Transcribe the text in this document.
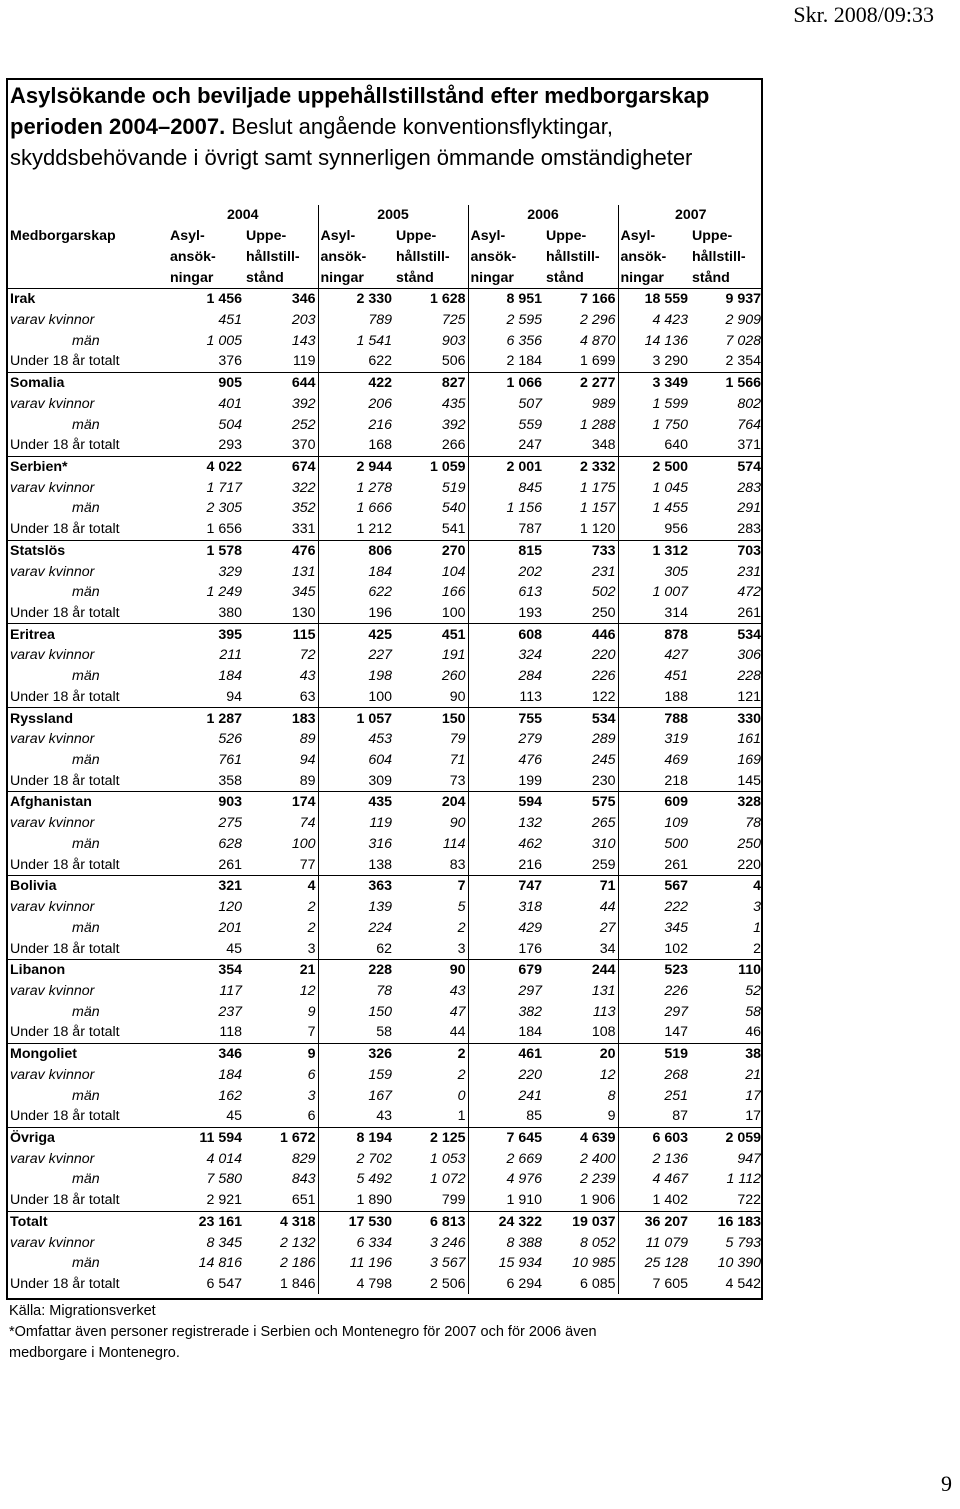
Skr. 2008/09:33
Asylsökande och beviljade uppehållstillstånd efter medborgarskap perioden 2004–2007. Beslut angående konventionsflyktingar, skyddsbehövande i övrigt samt synnerligen ömmande omständigheter
	2004		2005		2006		2007	
Medborgarskap	Asyl-	Uppe-	Asyl-	Uppe-	Asyl-	Uppe-	Asyl-	Uppe-
	ansök-	hållstill-	ansök-	hållstill-	ansök-	hållstill-	ansök-	hållstill-
	ningar	stånd	ningar	stånd	ningar	stånd	ningar	stånd
Irak	1 456	346	2 330	1 628	8 951	7 166	18 559	9 937
varav kvinnor	451	203	789	725	2 595	2 296	4 423	2 909
män	1 005	143	1 541	903	6 356	4 870	14 136	7 028
Under 18 år totalt	376	119	622	506	2 184	1 699	3 290	2 354
Somalia	905	644	422	827	1 066	2 277	3 349	1 566
varav kvinnor	401	392	206	435	507	989	1 599	802
män	504	252	216	392	559	1 288	1 750	764
Under 18 år totalt	293	370	168	266	247	348	640	371
Serbien*	4 022	674	2 944	1 059	2 001	2 332	2 500	574
varav kvinnor	1 717	322	1 278	519	845	1 175	1 045	283
män	2 305	352	1 666	540	1 156	1 157	1 455	291
Under 18 år totalt	1 656	331	1 212	541	787	1 120	956	283
Statslös	1 578	476	806	270	815	733	1 312	703
varav kvinnor	329	131	184	104	202	231	305	231
män	1 249	345	622	166	613	502	1 007	472
Under 18 år totalt	380	130	196	100	193	250	314	261
Eritrea	395	115	425	451	608	446	878	534
varav kvinnor	211	72	227	191	324	220	427	306
män	184	43	198	260	284	226	451	228
Under 18 år totalt	94	63	100	90	113	122	188	121
Ryssland	1 287	183	1 057	150	755	534	788	330
varav kvinnor	526	89	453	79	279	289	319	161
män	761	94	604	71	476	245	469	169
Under 18 år totalt	358	89	309	73	199	230	218	145
Afghanistan	903	174	435	204	594	575	609	328
varav kvinnor	275	74	119	90	132	265	109	78
män	628	100	316	114	462	310	500	250
Under 18 år totalt	261	77	138	83	216	259	261	220
Bolivia	321	4	363	7	747	71	567	4
varav kvinnor	120	2	139	5	318	44	222	3
män	201	2	224	2	429	27	345	1
Under 18 år totalt	45	3	62	3	176	34	102	2
Libanon	354	21	228	90	679	244	523	110
varav kvinnor	117	12	78	43	297	131	226	52
män	237	9	150	47	382	113	297	58
Under 18 år totalt	118	7	58	44	184	108	147	46
Mongoliet	346	9	326	2	461	20	519	38
varav kvinnor	184	6	159	2	220	12	268	21
män	162	3	167	0	241	8	251	17
Under 18 år totalt	45	6	43	1	85	9	87	17
Övriga	11 594	1 672	8 194	2 125	7 645	4 639	6 603	2 059
varav kvinnor	4 014	829	2 702	1 053	2 669	2 400	2 136	947
män	7 580	843	5 492	1 072	4 976	2 239	4 467	1 112
Under 18 år totalt	2 921	651	1 890	799	1 910	1 906	1 402	722
Totalt	23 161	4 318	17 530	6 813	24 322	19 037	36 207	16 183
varav kvinnor	8 345	2 132	6 334	3 246	8 388	8 052	11 079	5 793
män	14 816	2 186	11 196	3 567	15 934	10 985	25 128	10 390
Under 18 år totalt	6 547	1 846	4 798	2 506	6 294	6 085	7 605	4 542
Källa: Migrationsverket
*Omfattar även personer registrerade i Serbien och Montenegro för 2007 och för 2006 även
medborgare i Montenegro.
9
